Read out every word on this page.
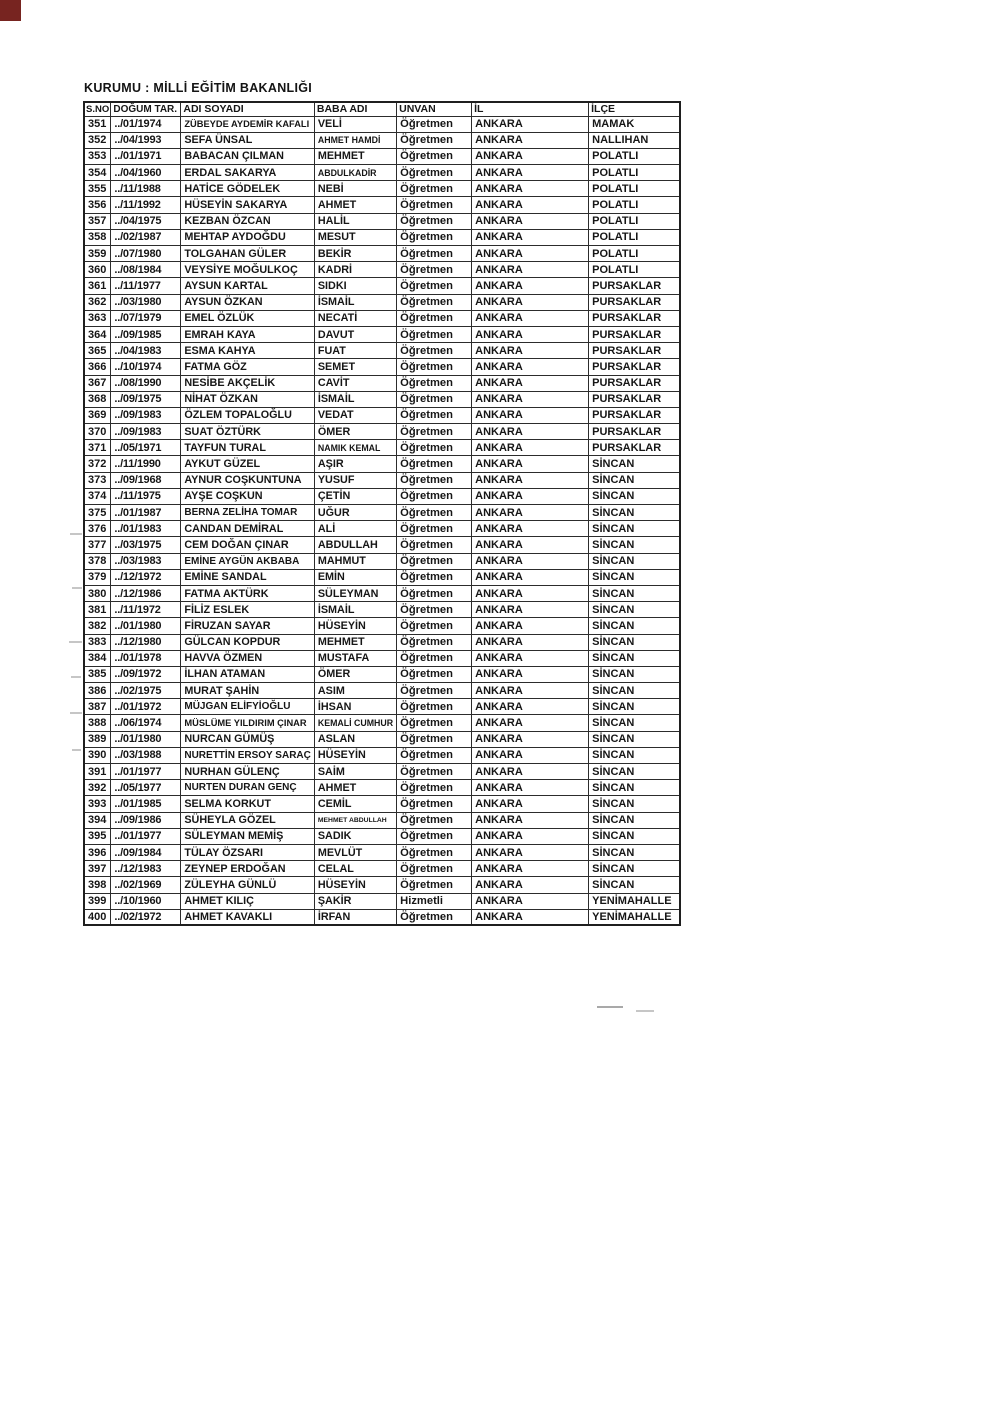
KURUMU : MİLLİ EĞİTİM BAKANLIĞI
S.NO	DOĞUM TAR.	ADI SOYADI	BABA ADI	UNVAN	İL	İLÇE
351	../01/1974	ZÜBEYDE AYDEMİR KAFALI	VELİ	Öğretmen	ANKARA	MAMAK
352	../04/1993	SEFA ÜNSAL	AHMET HAMDİ	Öğretmen	ANKARA	NALLIHAN
353	../01/1971	BABACAN ÇILMAN	MEHMET	Öğretmen	ANKARA	POLATLI
354	../04/1960	ERDAL SAKARYA	ABDULKADİR	Öğretmen	ANKARA	POLATLI
355	../11/1988	HATİCE GÖDELEK	NEBİ	Öğretmen	ANKARA	POLATLI
356	../11/1992	HÜSEYİN SAKARYA	AHMET	Öğretmen	ANKARA	POLATLI
357	../04/1975	KEZBAN ÖZCAN	HALİL	Öğretmen	ANKARA	POLATLI
358	../02/1987	MEHTAP AYDOĞDU	MESUT	Öğretmen	ANKARA	POLATLI
359	../07/1980	TOLGAHAN GÜLER	BEKİR	Öğretmen	ANKARA	POLATLI
360	../08/1984	VEYSİYE MOĞULKOÇ	KADRİ	Öğretmen	ANKARA	POLATLI
361	../11/1977	AYSUN KARTAL	SIDKI	Öğretmen	ANKARA	PURSAKLAR
362	../03/1980	AYSUN ÖZKAN	İSMAİL	Öğretmen	ANKARA	PURSAKLAR
363	../07/1979	EMEL ÖZLÜK	NECATİ	Öğretmen	ANKARA	PURSAKLAR
364	../09/1985	EMRAH KAYA	DAVUT	Öğretmen	ANKARA	PURSAKLAR
365	../04/1983	ESMA KAHYA	FUAT	Öğretmen	ANKARA	PURSAKLAR
366	../10/1974	FATMA GÖZ	SEMET	Öğretmen	ANKARA	PURSAKLAR
367	../08/1990	NESİBE AKÇELİK	CAVİT	Öğretmen	ANKARA	PURSAKLAR
368	../09/1975	NİHAT ÖZKAN	İSMAİL	Öğretmen	ANKARA	PURSAKLAR
369	../09/1983	ÖZLEM TOPALOĞLU	VEDAT	Öğretmen	ANKARA	PURSAKLAR
370	../09/1983	SUAT ÖZTÜRK	ÖMER	Öğretmen	ANKARA	PURSAKLAR
371	../05/1971	TAYFUN TURAL	NAMIK KEMAL	Öğretmen	ANKARA	PURSAKLAR
372	../11/1990	AYKUT GÜZEL	AŞIR	Öğretmen	ANKARA	SİNCAN
373	../09/1968	AYNUR COŞKUNTUNA	YUSUF	Öğretmen	ANKARA	SİNCAN
374	../11/1975	AYŞE COŞKUN	ÇETİN	Öğretmen	ANKARA	SİNCAN
375	../01/1987	BERNA ZELİHA TOMAR	UĞUR	Öğretmen	ANKARA	SİNCAN
376	../01/1983	CANDAN DEMİRAL	ALİ	Öğretmen	ANKARA	SİNCAN
377	../03/1975	CEM DOĞAN ÇINAR	ABDULLAH	Öğretmen	ANKARA	SİNCAN
378	../03/1983	EMİNE AYGÜN AKBABA	MAHMUT	Öğretmen	ANKARA	SİNCAN
379	../12/1972	EMİNE SANDAL	EMİN	Öğretmen	ANKARA	SİNCAN
380	../12/1986	FATMA AKTÜRK	SÜLEYMAN	Öğretmen	ANKARA	SİNCAN
381	../11/1972	FİLİZ ESLEK	İSMAİL	Öğretmen	ANKARA	SİNCAN
382	../01/1980	FİRUZAN SAYAR	HÜSEYİN	Öğretmen	ANKARA	SİNCAN
383	../12/1980	GÜLCAN KOPDUR	MEHMET	Öğretmen	ANKARA	SİNCAN
384	../01/1978	HAVVA ÖZMEN	MUSTAFA	Öğretmen	ANKARA	SİNCAN
385	../09/1972	İLHAN ATAMAN	ÖMER	Öğretmen	ANKARA	SİNCAN
386	../02/1975	MURAT ŞAHİN	ASIM	Öğretmen	ANKARA	SİNCAN
387	../01/1972	MÜJGAN ELİFYİOĞLU	İHSAN	Öğretmen	ANKARA	SİNCAN
388	../06/1974	MÜSLÜME YILDIRIM ÇINAR	KEMALİ CUMHUR	Öğretmen	ANKARA	SİNCAN
389	../01/1980	NURCAN GÜMÜŞ	ASLAN	Öğretmen	ANKARA	SİNCAN
390	../03/1988	NURETTİN ERSOY SARAÇ	HÜSEYİN	Öğretmen	ANKARA	SİNCAN
391	../01/1977	NURHAN GÜLENÇ	SAİM	Öğretmen	ANKARA	SİNCAN
392	../05/1977	NURTEN DURAN GENÇ	AHMET	Öğretmen	ANKARA	SİNCAN
393	../01/1985	SELMA KORKUT	CEMİL	Öğretmen	ANKARA	SİNCAN
394	../09/1986	SÜHEYLA GÖZEL	MEHMET ABDULLAH	Öğretmen	ANKARA	SİNCAN
395	../01/1977	SÜLEYMAN MEMİŞ	SADIK	Öğretmen	ANKARA	SİNCAN
396	../09/1984	TÜLAY ÖZSARI	MEVLÜT	Öğretmen	ANKARA	SİNCAN
397	../12/1983	ZEYNEP ERDOĞAN	CELAL	Öğretmen	ANKARA	SİNCAN
398	../02/1969	ZÜLEYHA GÜNLÜ	HÜSEYİN	Öğretmen	ANKARA	SİNCAN
399	../10/1960	AHMET KILIÇ	ŞAKİR	Hizmetli	ANKARA	YENİMAHALLE
400	../02/1972	AHMET KAVAKLI	İRFAN	Öğretmen	ANKARA	YENİMAHALLE
